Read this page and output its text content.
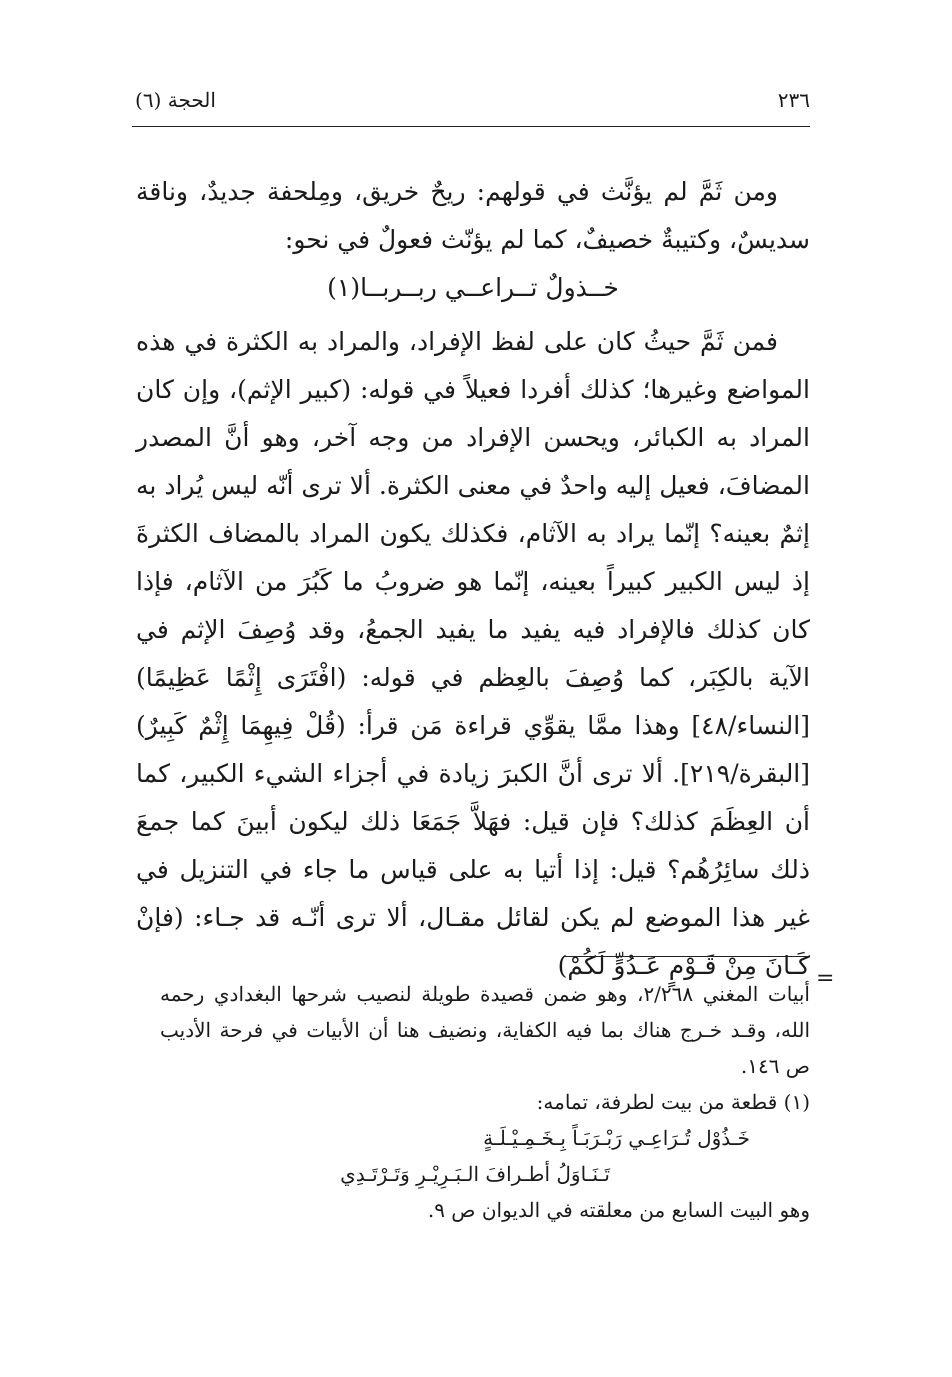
٢٣٦
الحجة (٦)

ومن ثَمَّ لم يؤنَّث في قولهم: ريحٌ خريق، ومِلحفة جديدٌ، وناقة سديسٌ، وكتيبةٌ خصيفٌ، كما لم يؤنّث فعولٌ في نحو:

خــذولٌ تــراعــي ربــربــا(١)

فمن ثَمَّ حيثُ كان على لفظ الإفراد، والمراد به الكثرة في هذه المواضع وغيرها؛ كذلك أفردا فعيلاً في قوله: (كبير الإثم)، وإن كان المراد به الكبائر، ويحسن الإفراد من وجه آخر، وهو أنَّ المصدر المضافَ، فعيل إليه واحدٌ في معنى الكثرة. ألا ترى أنّه ليس يُراد به إثمٌ بعينه؟ إنّما يراد به الآثام، فكذلك يكون المراد بالمضاف الكثرةَ إذ ليس الكبير كبيراً بعينه، إنّما هو ضروبُ ما كَبُرَ من الآثام، فإذا كان كذلك فالإفراد فيه يفيد ما يفيد الجمعُ، وقد وُصِفَ الإثم في الآية بالكِبَر، كما وُصِفَ بالعِظم في قوله: (افْتَرَى إِثْمًا عَظِيمًا) [النساء/٤٨] وهذا ممَّا يقوِّي قراءة مَن قرأ: (قُلْ فِيهِمَا إِثْمٌ كَبِيرٌ) [البقرة/٢١٩]. ألا ترى أنَّ الكبرَ زيادة في أجزاء الشيء الكبير، كما أن العِظَمَ كذلك؟ فإن قيل: فهَلاَّ جَمَعَا ذلك ليكون أبينَ كما جمعَ ذلك سائِرُهُم؟ قيل: إذا أتيا به على قياس ما جاء في التنزيل في غير هذا الموضع لم يكن لقائل مقـال، ألا ترى أنّـه قد جـاء: (فإنْ كَـانَ مِنْ قَـوْمٍ عَـدُوٍّ لَكُمْ) =

أبيات المغني ٢/٢٦٨، وهو ضمن قصيدة طويلة لنصيب شرحها البغدادي رحمه الله، وقـد خـرج هناك بما فيه الكفاية، ونضيف هنا أن الأبيات في فرحة الأديب ص ١٤٦.

(١) قطعة من بيت لطرفة، تمامه:

خَـذُوْل تُـرَاعِـي رَبْـرَبَـاً بِـخَـمِـيْـلَـةٍ

تَـنَـاوَلُ أطـرافَ الـبَـرِيْـرِ وَتَـرْتَـدِي

وهو البيت السابع من معلقته في الديوان ص ٩.
